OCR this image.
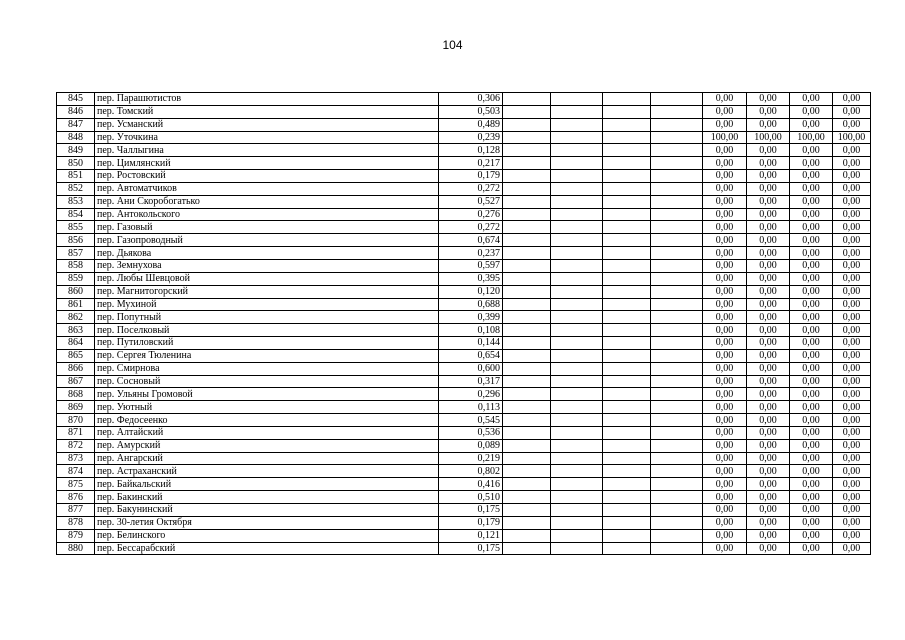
104
845	пер. Парашютистов	0,306					0,00	0,00	0,00	0,00
846	пер. Томский	0,503					0,00	0,00	0,00	0,00
847	пер. Усманский	0,489					0,00	0,00	0,00	0,00
848	пер. Уточкина	0,239					100,00	100,00	100,00	100,00
849	пер. Чаллыгина	0,128					0,00	0,00	0,00	0,00
850	пер. Цимлянский	0,217					0,00	0,00	0,00	0,00
851	пер. Ростовский	0,179					0,00	0,00	0,00	0,00
852	пер. Автоматчиков	0,272					0,00	0,00	0,00	0,00
853	пер. Ани Скоробогатько	0,527					0,00	0,00	0,00	0,00
854	пер. Антокольского	0,276					0,00	0,00	0,00	0,00
855	пер. Газовый	0,272					0,00	0,00	0,00	0,00
856	пер. Газопроводный	0,674					0,00	0,00	0,00	0,00
857	пер. Дьякова	0,237					0,00	0,00	0,00	0,00
858	пер. Земнухова	0,597					0,00	0,00	0,00	0,00
859	пер. Любы Шевцовой	0,395					0,00	0,00	0,00	0,00
860	пер. Магнитогорский	0,120					0,00	0,00	0,00	0,00
861	пер. Мухиной	0,688					0,00	0,00	0,00	0,00
862	пер. Попутный	0,399					0,00	0,00	0,00	0,00
863	пер. Поселковый	0,108					0,00	0,00	0,00	0,00
864	пер. Путиловский	0,144					0,00	0,00	0,00	0,00
865	пер. Сергея Тюленина	0,654					0,00	0,00	0,00	0,00
866	пер. Смирнова	0,600					0,00	0,00	0,00	0,00
867	пер. Сосновый	0,317					0,00	0,00	0,00	0,00
868	пер. Ульяны Громовой	0,296					0,00	0,00	0,00	0,00
869	пер. Уютный	0,113					0,00	0,00	0,00	0,00
870	пер. Федосеенко	0,545					0,00	0,00	0,00	0,00
871	пер. Алтайский	0,536					0,00	0,00	0,00	0,00
872	пер. Амурский	0,089					0,00	0,00	0,00	0,00
873	пер. Ангарский	0,219					0,00	0,00	0,00	0,00
874	пер. Астраханский	0,802					0,00	0,00	0,00	0,00
875	пер. Байкальский	0,416					0,00	0,00	0,00	0,00
876	пер. Бакинский	0,510					0,00	0,00	0,00	0,00
877	пер. Бакунинский	0,175					0,00	0,00	0,00	0,00
878	пер. 30-летия Октября	0,179					0,00	0,00	0,00	0,00
879	пер. Белинского	0,121					0,00	0,00	0,00	0,00
880	пер. Бессарабский	0,175					0,00	0,00	0,00	0,00
